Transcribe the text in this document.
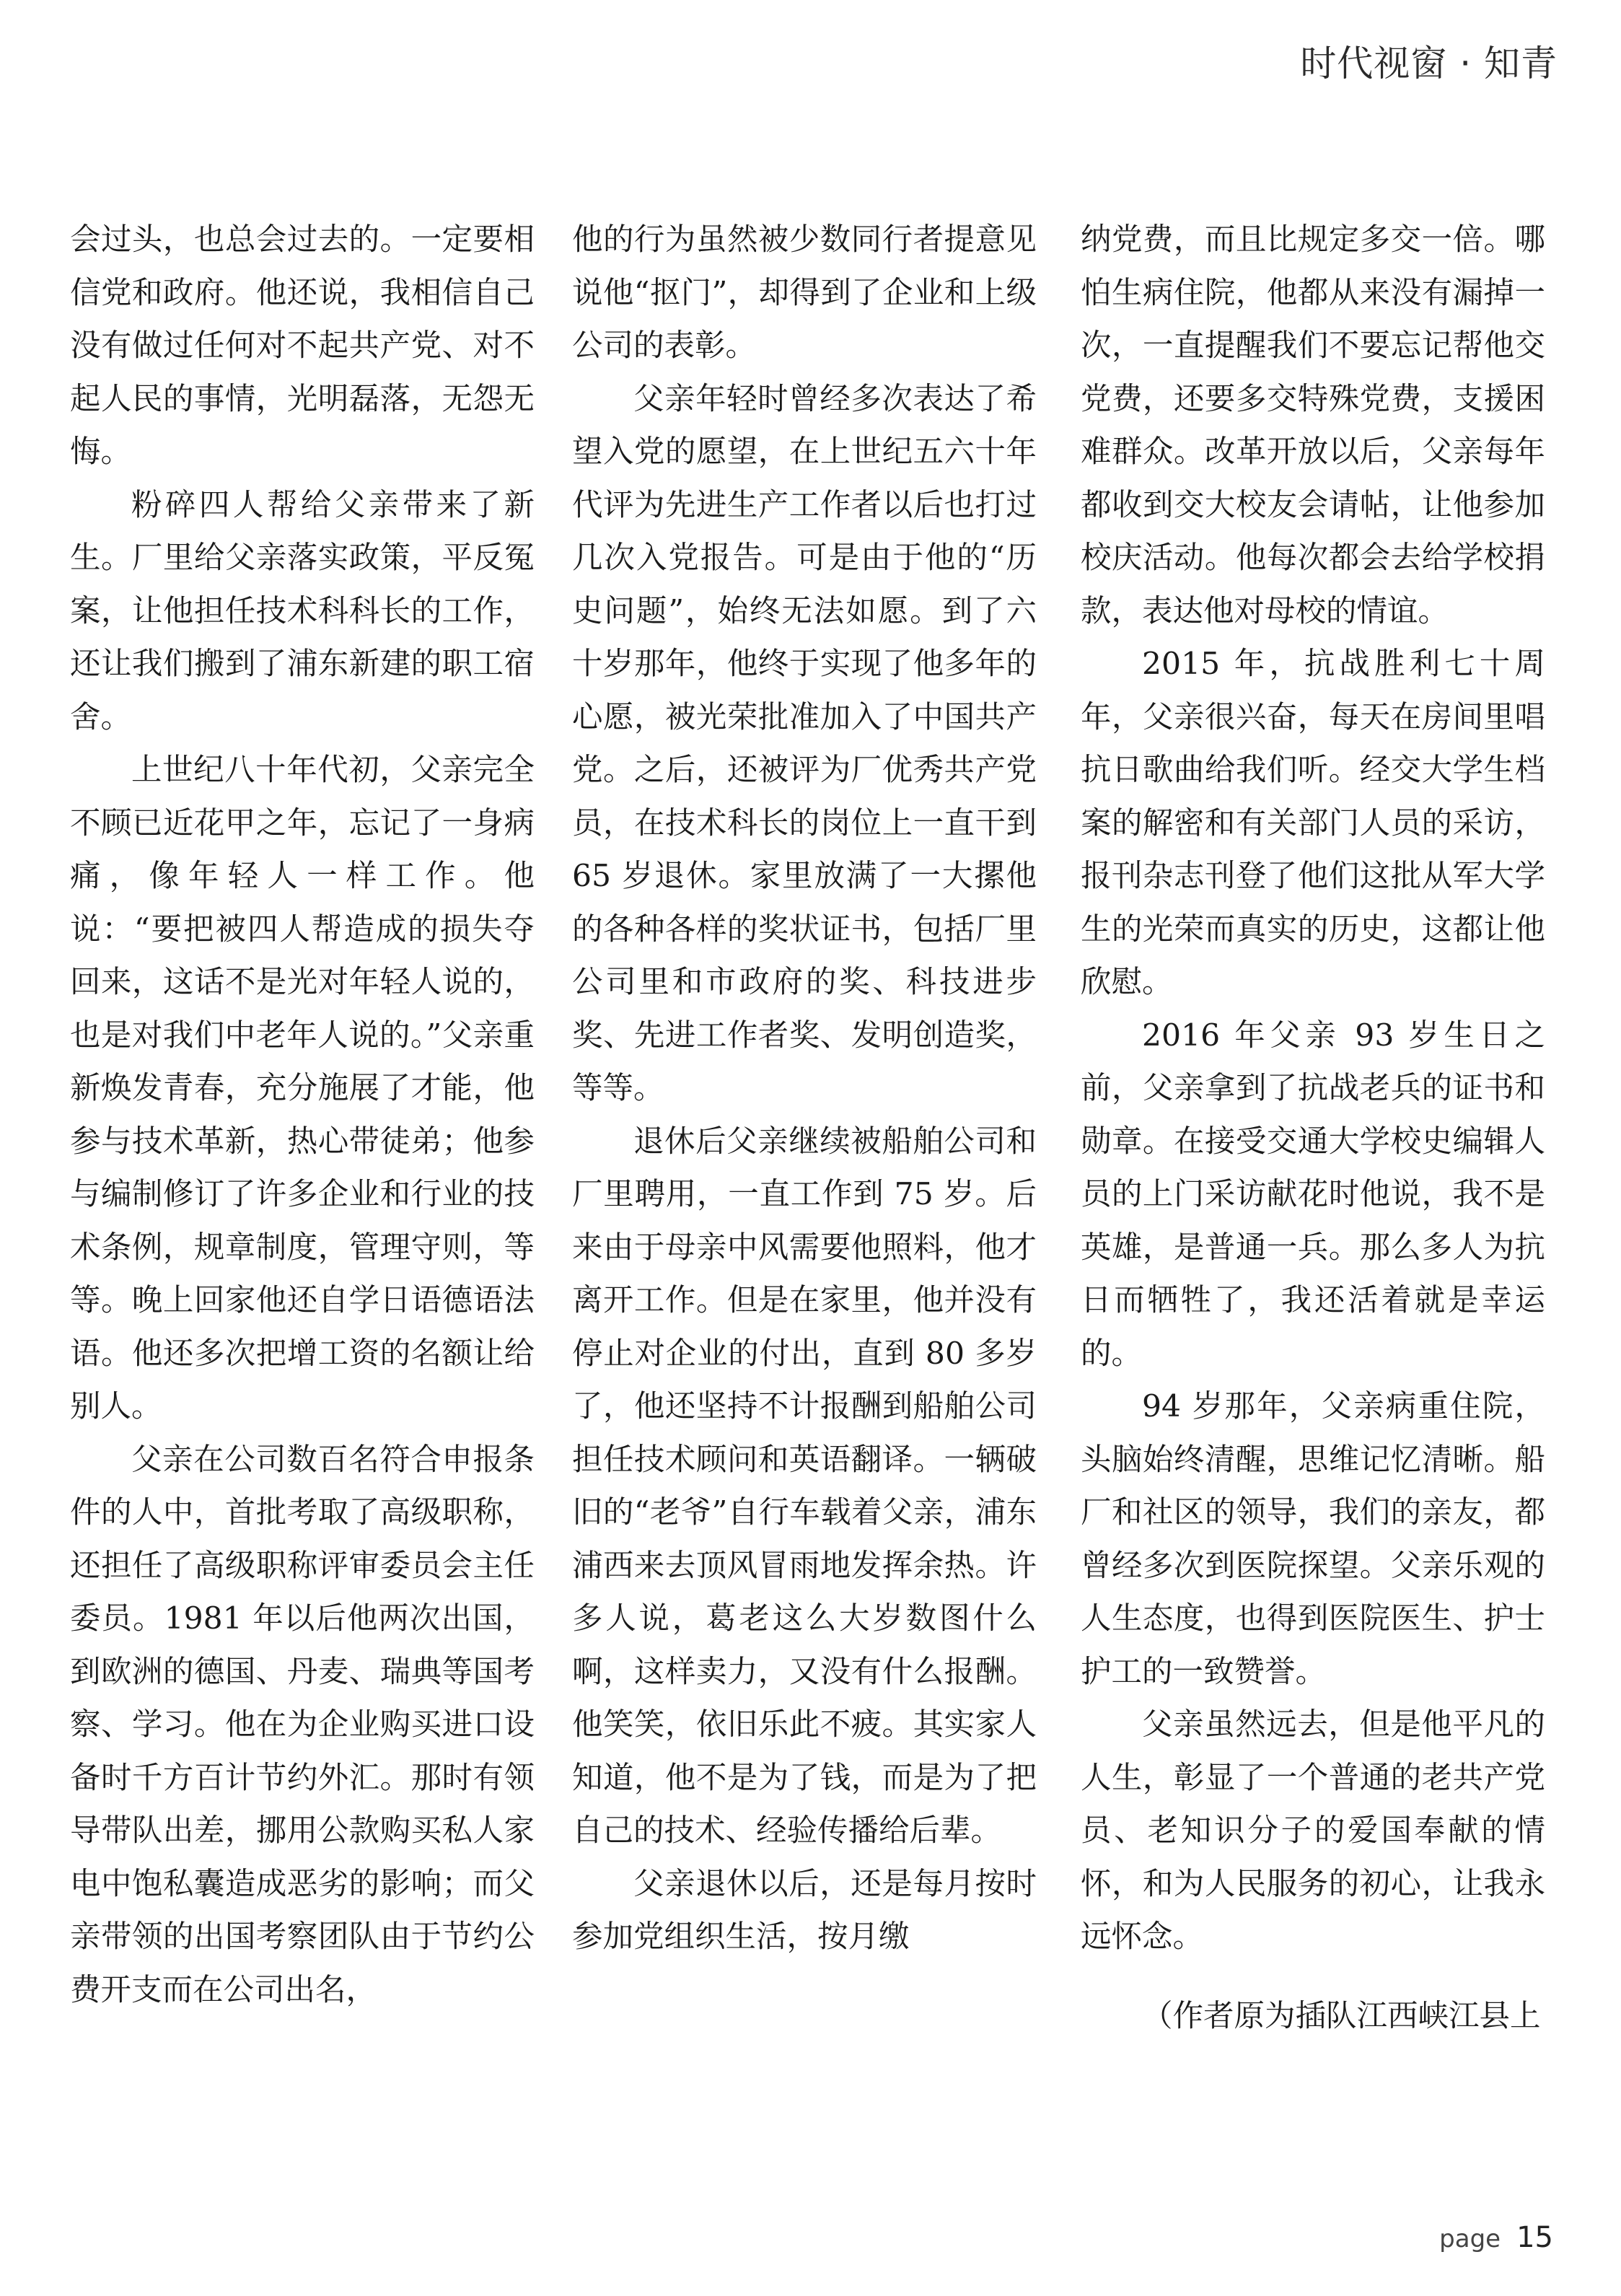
时代视窗 · 知青

会过头，也总会过去的。一定要相信党和政府。他还说，我相信自己没有做过任何对不起共产党、对不起人民的事情，光明磊落，无怨无悔。

粉碎四人帮给父亲带来了新生。厂里给父亲落实政策，平反冤案，让他担任技术科科长的工作，还让我们搬到了浦东新建的职工宿舍。

上世纪八十年代初，父亲完全不顾已近花甲之年，忘记了一身病痛，像年轻人一样工作。他说：“要把被四人帮造成的损失夺回来，这话不是光对年轻人说的，也是对我们中老年人说的。”父亲重新焕发青春，充分施展了才能，他参与技术革新，热心带徒弟；他参与编制修订了许多企业和行业的技术条例，规章制度，管理守则，等等。晚上回家他还自学日语德语法语。他还多次把增工资的名额让给别人。

父亲在公司数百名符合申报条件的人中，首批考取了高级职称，还担任了高级职称评审委员会主任委员。1981 年以后他两次出国，到欧洲的德国、丹麦、瑞典等国考察、学习。他在为企业购买进口设备时千方百计节约外汇。那时有领导带队出差，挪用公款购买私人家电中饱私囊造成恶劣的影响；而父亲带领的出国考察团队由于节约公费开支而在公司出名，

他的行为虽然被少数同行者提意见说他“抠门”，却得到了企业和上级公司的表彰。

父亲年轻时曾经多次表达了希望入党的愿望，在上世纪五六十年代评为先进生产工作者以后也打过几次入党报告。可是由于他的“历史问题”，始终无法如愿。到了六十岁那年，他终于实现了他多年的心愿，被光荣批准加入了中国共产党。之后，还被评为厂优秀共产党员，在技术科长的岗位上一直干到 65 岁退休。家里放满了一大摞他的各种各样的奖状证书，包括厂里公司里和市政府的奖、科技进步奖、先进工作者奖、发明创造奖，等等。

退休后父亲继续被船舶公司和厂里聘用，一直工作到 75 岁。后来由于母亲中风需要他照料，他才离开工作。但是在家里，他并没有停止对企业的付出，直到 80 多岁了，他还坚持不计报酬到船舶公司担任技术顾问和英语翻译。一辆破旧的“老爷”自行车载着父亲，浦东浦西来去顶风冒雨地发挥余热。许多人说，葛老这么大岁数图什么啊，这样卖力，又没有什么报酬。他笑笑，依旧乐此不疲。其实家人知道，他不是为了钱，而是为了把自己的技术、经验传播给后辈。

父亲退休以后，还是每月按时参加党组织生活，按月缴

纳党费，而且比规定多交一倍。哪怕生病住院，他都从来没有漏掉一次，一直提醒我们不要忘记帮他交党费，还要多交特殊党费，支援困难群众。改革开放以后，父亲每年都收到交大校友会请帖，让他参加校庆活动。他每次都会去给学校捐款，表达他对母校的情谊。

2015 年，抗战胜利七十周年，父亲很兴奋，每天在房间里唱抗日歌曲给我们听。经交大学生档案的解密和有关部门人员的采访，报刊杂志刊登了他们这批从军大学生的光荣而真实的历史，这都让他欣慰。

2016 年父亲 93 岁生日之前，父亲拿到了抗战老兵的证书和勋章。在接受交通大学校史编辑人员的上门采访献花时他说，我不是英雄，是普通一兵。那么多人为抗日而牺牲了，我还活着就是幸运的。

94 岁那年，父亲病重住院，头脑始终清醒，思维记忆清晰。船厂和社区的领导，我们的亲友，都曾经多次到医院探望。父亲乐观的人生态度，也得到医院医生、护士护工的一致赞誉。

父亲虽然远去，但是他平凡的人生，彰显了一个普通的老共产党员、老知识分子的爱国奉献的情怀，和为人民服务的初心，让我永远怀念。

（作者原为插队江西峡江县上

page 15
